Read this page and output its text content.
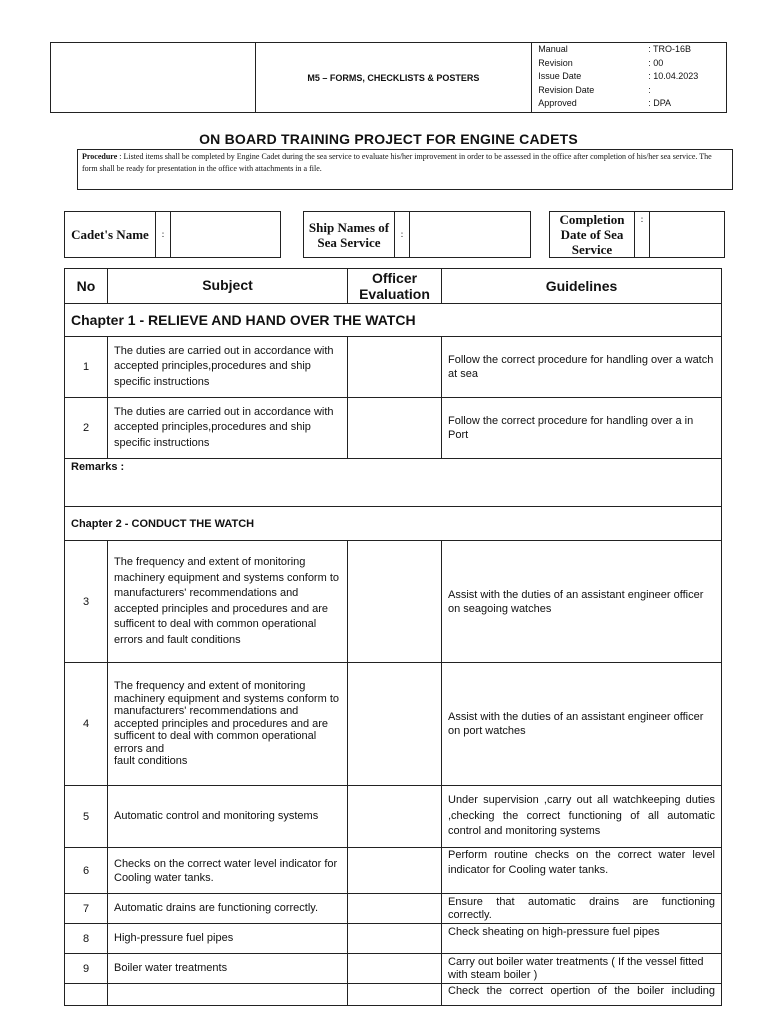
	M5 – FORMS, CHECKLISTS & POSTERS	
Manual	: TRO-16B
Revision	: 00
Issue Date	: 10.04.2023
Revision Date	:
Approved	: DPA
ON BOARD TRAINING PROJECT FOR ENGINE CADETS
Procedure : Listed items shall be completed by Engine Cadet during the sea service to evaluate his/her improvement in order to be assessed in the office after completion of his/her sea service. The form shall be ready for presentation in the office with attachments in a file.
Cadet's Name	:		Ship Names of Sea Service	:	
Completion Date of Sea Service	:	
No	Subject	Officer Evaluation	Guidelines
Chapter 1 - RELIEVE AND HAND OVER THE WATCH			
1	The duties are carried out in accordance with accepted principles,procedures and ship specific instructions		Follow the correct procedure for handling over a watch at sea
2	The duties are carried out in accordance with accepted principles,procedures and ship specific instructions		Follow the correct procedure for handling over a in Port
Remarks :			
Chapter 2 - CONDUCT THE WATCH			
3	The frequency and extent of monitoring machinery equipment and systems conform to manufacturers' recommendations and accepted principles and procedures and are sufficent to deal with common operational errors and fault conditions		Assist with the duties of an assistant engineer officer on seagoing watches
4	The frequency and extent of monitoring machinery equipment and systems conform to manufacturers' recommendations and accepted principles and procedures and are sufficent to deal with common operational errors and
fault conditions		Assist with the duties of an assistant engineer officer on port watches
5	Automatic control and monitoring systems		Under supervision ,carry out all watchkeeping duties ,checking the correct functioning of all automatic control and monitoring systems
6	Checks on the correct water level indicator for Cooling water tanks.		Perform routine checks on the correct water level indicator for Cooling water tanks.
7	Automatic drains are functioning correctly.		Ensure that automatic drains are functioning correctly.
8	High-pressure fuel pipes		Check sheating on high-pressure fuel pipes
9	Boiler water treatments		Carry out boiler water treatments ( If the vessel fitted with steam boiler )
			Check the correct opertion of the boiler including
